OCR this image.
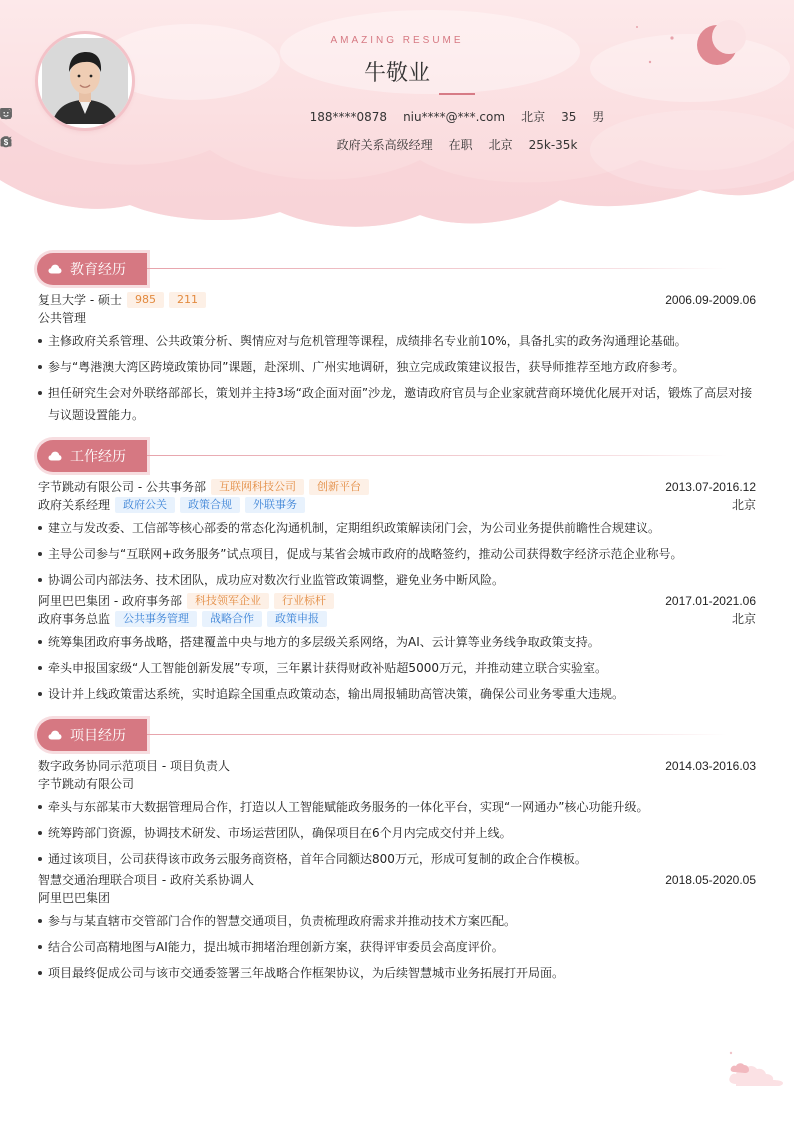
AMAZING RESUME
牛敬业
188****0878 niu****@***.com 北京 35 男
政府关系高级经理 在职 北京
$	25k-35k
教育经历
复旦大学 - 硕士	985	211	2006.09-2009.06
公共管理
主修政府关系管理、公共政策分析、舆情应对与危机管理等课程，成绩排名专业前10%，具备扎实的政务沟通理论基础。
参与“粤港澳大湾区跨境政策协同”课题，赴深圳、广州实地调研，独立完成政策建议报告，获导师推荐至地方政府参考。
担任研究生会对外联络部部长，策划并主持3场“政企面对面”沙龙，邀请政府官员与企业家就营商环境优化展开对话，锻炼了高层对接与议题设置能力。
工作经历
字节跳动有限公司 - 公共事务部	互联网科技公司	创新平台	2013.07-2016.12
政府关系经理	政府公关	政策合规	外联事务	北京
建立与发改委、工信部等核心部委的常态化沟通机制，定期组织政策解读闭门会，为公司业务提供前瞻性合规建议。
主导公司参与“互联网+政务服务”试点项目，促成与某省会城市政府的战略签约，推动公司获得数字经济示范企业称号。
协调公司内部法务、技术团队，成功应对数次行业监管政策调整，避免业务中断风险。
阿里巴巴集团 - 政府事务部	科技领军企业	行业标杆	2017.01-2021.06
政府事务总监	公共事务管理	战略合作	政策申报	北京
统筹集团政府事务战略，搭建覆盖中央与地方的多层级关系网络，为AI、云计算等业务线争取政策支持。
牵头申报国家级“人工智能创新发展”专项，三年累计获得财政补贴超5000万元，并推动建立联合实验室。
设计并上线政策雷达系统，实时追踪全国重点政策动态，输出周报辅助高管决策，确保公司业务零重大违规。
项目经历
数字政务协同示范项目 - 项目负责人	2014.03-2016.03
字节跳动有限公司
牵头与东部某市大数据管理局合作，打造以人工智能赋能政务服务的一体化平台，实现“一网通办”核心功能升级。
统筹跨部门资源，协调技术研发、市场运营团队，确保项目在6个月内完成交付并上线。
通过该项目，公司获得该市政务云服务商资格，首年合同额达800万元，形成可复制的政企合作模板。
智慧交通治理联合项目 - 政府关系协调人	2018.05-2020.05
阿里巴巴集团
参与与某直辖市交管部门合作的智慧交通项目，负责梳理政府需求并推动技术方案匹配。
结合公司高精地图与AI能力，提出城市拥堵治理创新方案，获得评审委员会高度评价。
项目最终促成公司与该市交通委签署三年战略合作框架协议，为后续智慧城市业务拓展打开局面。
